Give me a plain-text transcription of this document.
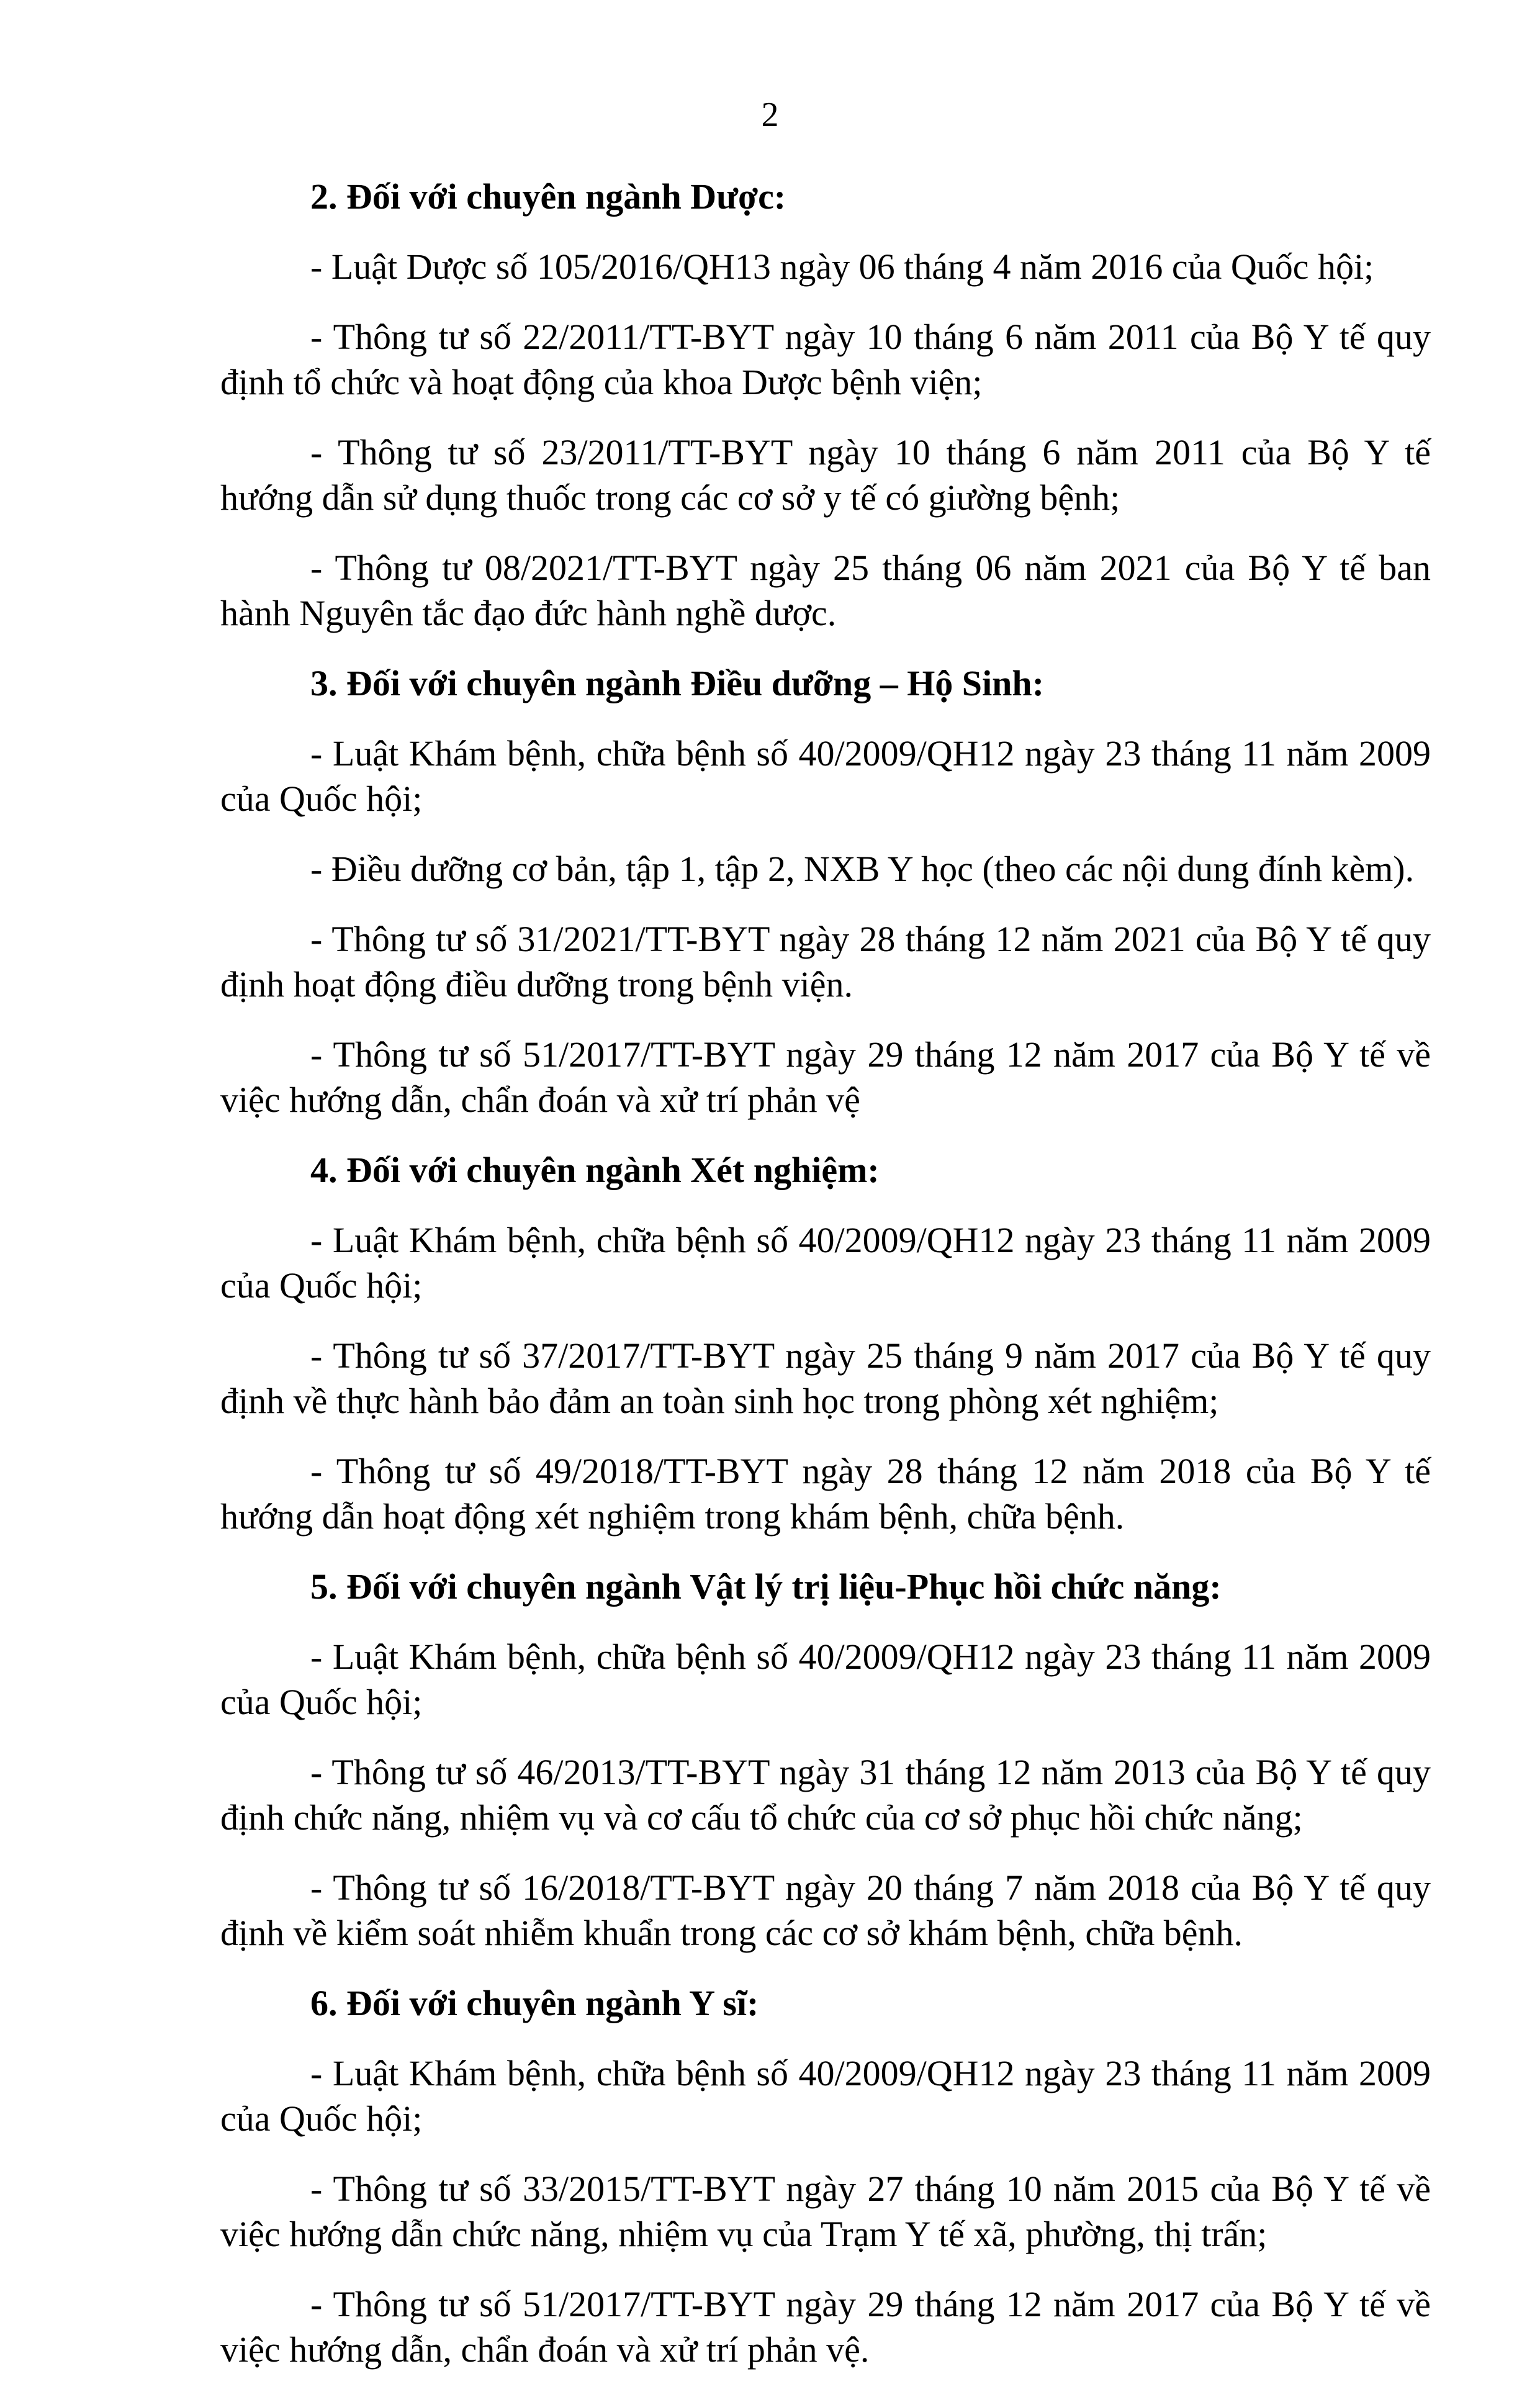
2

2. Đối với chuyên ngành Dược:

- Luật Dược số 105/2016/QH13 ngày 06 tháng 4 năm 2016 của Quốc hội;

- Thông tư số 22/2011/TT-BYT ngày 10 tháng 6 năm 2011 của Bộ Y tế quy định tổ chức và hoạt động của khoa Dược bệnh viện;

- Thông tư số 23/2011/TT-BYT ngày 10 tháng 6 năm 2011 của Bộ Y tế hướng dẫn sử dụng thuốc trong các cơ sở y tế có giường bệnh;

- Thông tư 08/2021/TT-BYT ngày 25 tháng 06 năm 2021 của Bộ Y tế ban hành Nguyên tắc đạo đức hành nghề dược.

3. Đối với chuyên ngành Điều dưỡng – Hộ Sinh:

- Luật Khám bệnh, chữa bệnh số 40/2009/QH12 ngày 23 tháng 11 năm 2009 của Quốc hội;

- Điều dưỡng cơ bản, tập 1, tập 2, NXB Y học (theo các nội dung đính kèm).

- Thông tư số 31/2021/TT-BYT ngày 28 tháng 12 năm 2021 của Bộ Y tế quy định hoạt động điều dưỡng trong bệnh viện.

- Thông tư số 51/2017/TT-BYT ngày 29 tháng 12 năm 2017 của Bộ Y tế về việc hướng dẫn, chẩn đoán và xử trí phản vệ

4. Đối với chuyên ngành Xét nghiệm:

- Luật Khám bệnh, chữa bệnh số 40/2009/QH12 ngày 23 tháng 11 năm 2009 của Quốc hội;

- Thông tư số 37/2017/TT-BYT ngày 25 tháng 9 năm 2017 của Bộ Y tế quy định về thực hành bảo đảm an toàn sinh học trong phòng xét nghiệm;

- Thông tư số 49/2018/TT-BYT ngày 28 tháng 12 năm 2018 của Bộ Y tế hướng dẫn hoạt động xét nghiệm trong khám bệnh, chữa bệnh.

5. Đối với chuyên ngành Vật lý trị liệu-Phục hồi chức năng:

- Luật Khám bệnh, chữa bệnh số 40/2009/QH12 ngày 23 tháng 11 năm 2009 của Quốc hội;

- Thông tư số 46/2013/TT-BYT ngày 31 tháng 12 năm 2013 của Bộ Y tế quy định chức năng, nhiệm vụ và cơ cấu tổ chức của cơ sở phục hồi chức năng;

- Thông tư số 16/2018/TT-BYT ngày 20 tháng 7 năm 2018 của Bộ Y tế quy định về kiểm soát nhiễm khuẩn trong các cơ sở khám bệnh, chữa bệnh.

6. Đối với chuyên ngành Y sĩ:

- Luật Khám bệnh, chữa bệnh số 40/2009/QH12 ngày 23 tháng 11 năm 2009 của Quốc hội;

- Thông tư số 33/2015/TT-BYT ngày 27 tháng 10 năm 2015 của Bộ Y tế về việc hướng dẫn chức năng, nhiệm vụ của Trạm Y tế xã, phường, thị trấn;

- Thông tư số 51/2017/TT-BYT ngày 29 tháng 12 năm 2017 của Bộ Y tế về việc hướng dẫn, chẩn đoán và xử trí phản vệ.
